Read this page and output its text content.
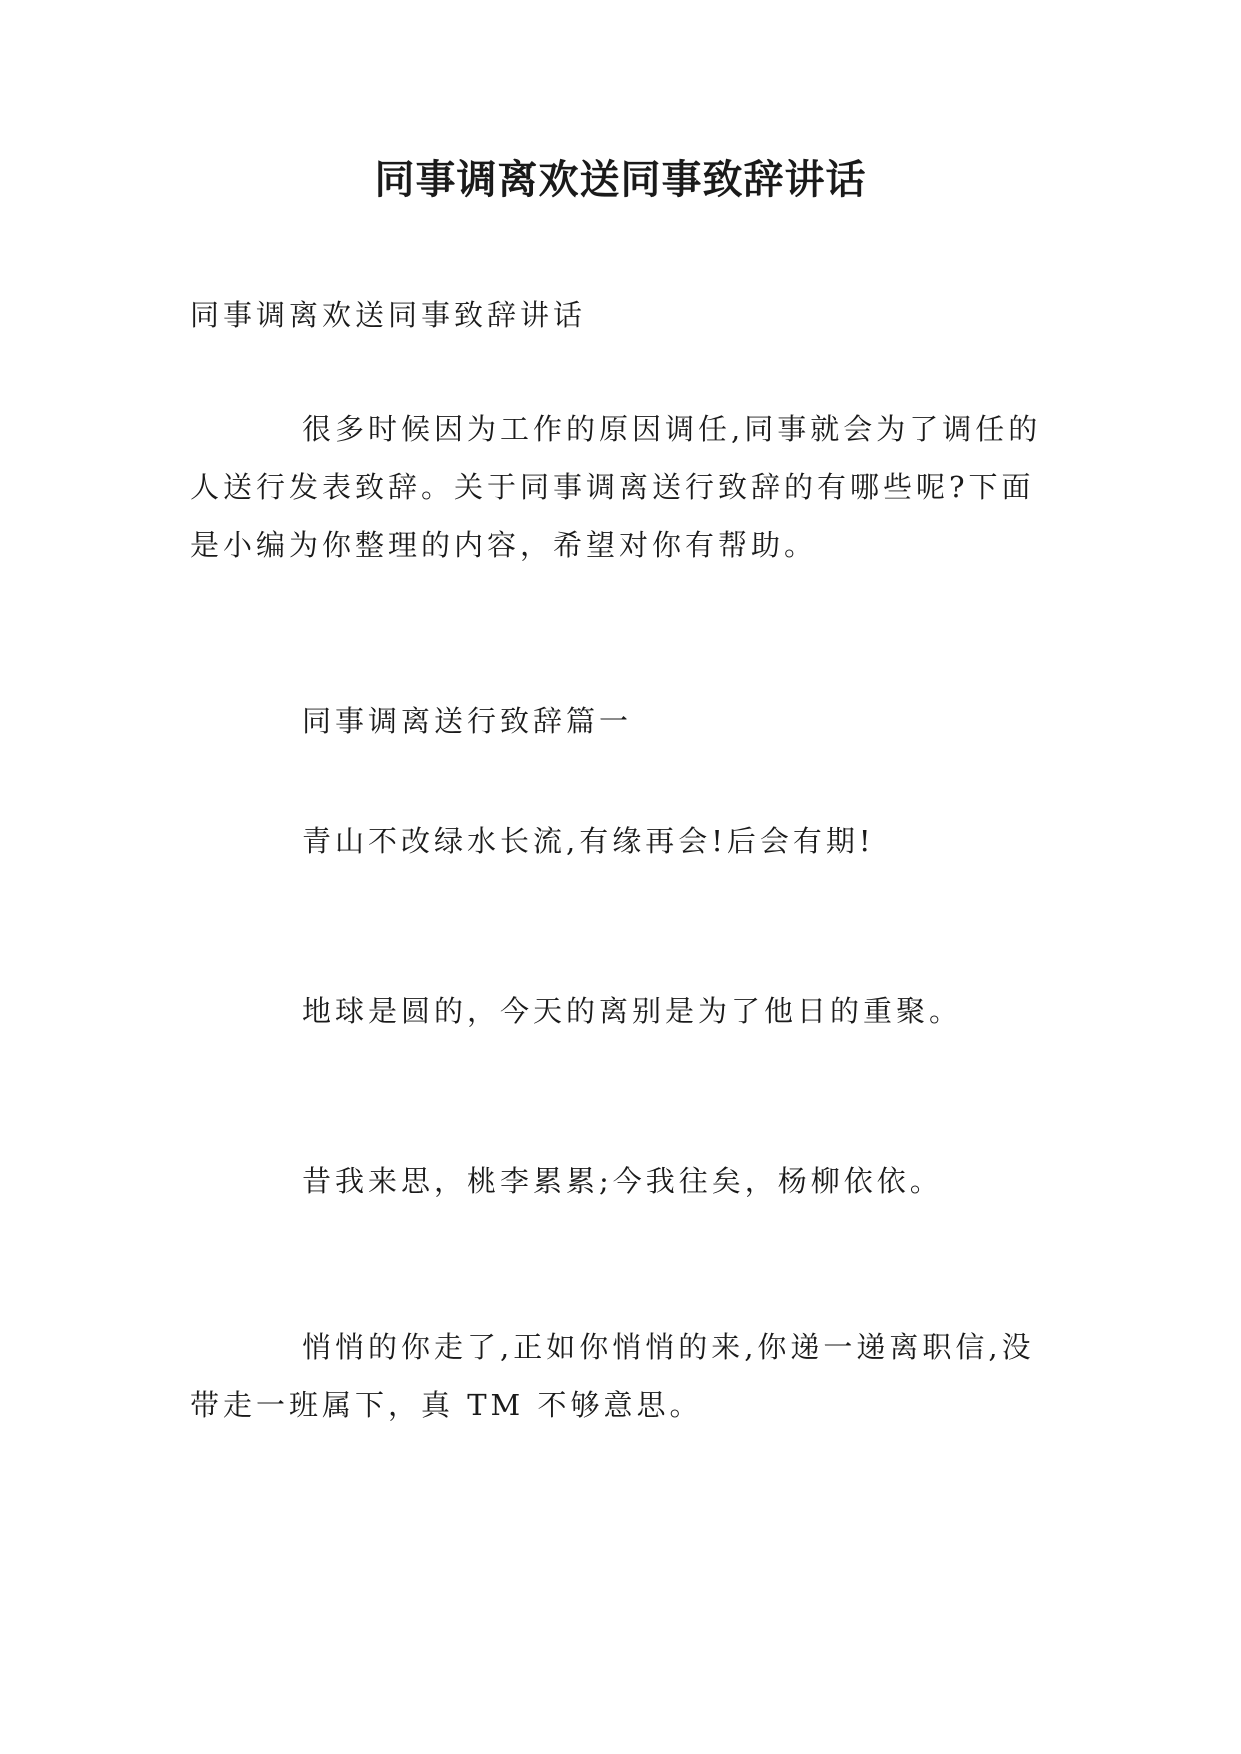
同事调离欢送同事致辞讲话

同事调离欢送同事致辞讲话

很多时候因为工作的原因调任,同事就会为了调任的人送行发表致辞。关于同事调离送行致辞的有哪些呢?下面是小编为你整理的内容，希望对你有帮助。

同事调离送行致辞篇一

青山不改绿水长流,有缘再会!后会有期!

地球是圆的，今天的离别是为了他日的重聚。

昔我来思，桃李累累;今我往矣，杨柳依依。

悄悄的你走了,正如你悄悄的来,你递一递离职信,没带走一班属下，真 TM 不够意思。
